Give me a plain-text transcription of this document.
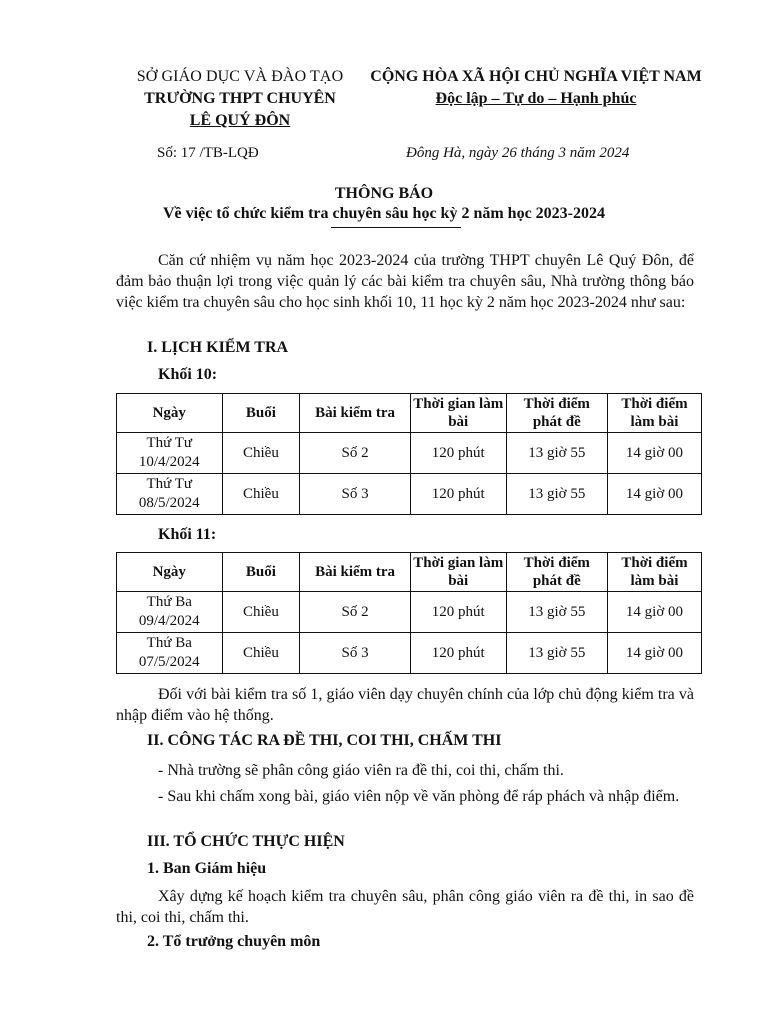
SỞ GIÁO DỤC VÀ ĐÀO TẠO
TRƯỜNG THPT CHUYÊN
LÊ QUÝ ĐÔN
CỘNG HÒA XÃ HỘI CHỦ NGHĨA VIỆT NAM
Độc lập – Tự do – Hạnh phúc
Số: 17 /TB-LQĐ	Đông Hà, ngày 26 tháng 3 năm 2024
THÔNG BÁO
Về việc tổ chức kiểm tra chuyên sâu học kỳ 2 năm học 2023-2024
Căn cứ nhiệm vụ năm học 2023-2024 của trường THPT chuyên Lê Quý Đôn, để đảm bảo thuận lợi trong việc quản lý các bài kiểm tra chuyên sâu, Nhà trường thông báo việc kiểm tra chuyên sâu cho học sinh khối 10, 11 học kỳ 2 năm học 2023-2024 như sau:
I. LỊCH KIỂM TRA
Khối 10:
Ngày	Buổi	Bài kiểm tra	Thời gian làm bài	Thời điểm phát đề	Thời điểm làm bài
Thứ Tư 10/4/2024	Chiều	Số 2	120 phút	13 giờ 55	14 giờ 00
Thứ Tư 08/5/2024	Chiều	Số 3	120 phút	13 giờ 55	14 giờ 00
Khối 11:
Ngày	Buổi	Bài kiểm tra	Thời gian làm bài	Thời điểm phát đề	Thời điểm làm bài
Thứ Ba 09/4/2024	Chiều	Số 2	120 phút	13 giờ 55	14 giờ 00
Thứ Ba 07/5/2024	Chiều	Số 3	120 phút	13 giờ 55	14 giờ 00
Đối với bài kiểm tra số 1, giáo viên dạy chuyên chính của lớp chủ động kiểm tra và nhập điểm vào hệ thống.
II. CÔNG TÁC RA ĐỀ THI, COI THI, CHẤM THI
- Nhà trường sẽ phân công giáo viên ra đề thi, coi thi, chấm thi.
- Sau khi chấm xong bài, giáo viên nộp về văn phòng để ráp phách và nhập điểm.
III. TỔ CHỨC THỰC HIỆN
1. Ban Giám hiệu
Xây dựng kế hoạch kiểm tra chuyên sâu, phân công giáo viên ra đề thi, in sao đề thi, coi thi, chấm thi.
2. Tổ trưởng chuyên môn
